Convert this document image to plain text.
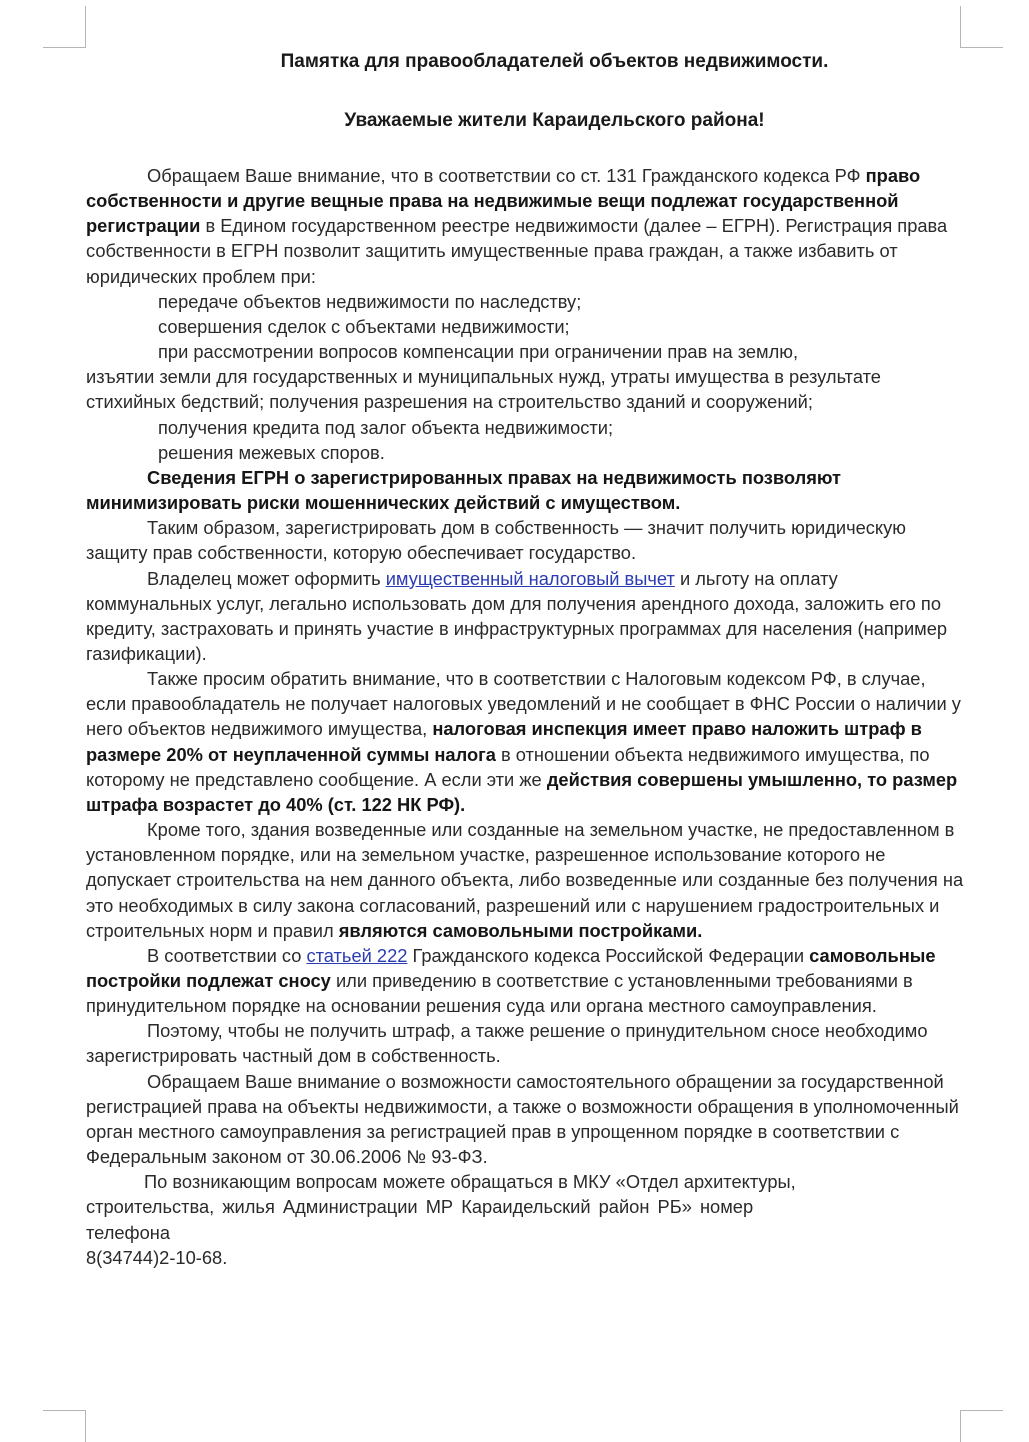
Памятка для правообладателей объектов недвижимости.
Уважаемые жители Караидельского района!

Обращаем Ваше внимание, что в соответствии со ст. 131 Гражданского кодекса РФ право собственности и другие вещные права на недвижимые вещи подлежат государственной регистрации в Едином государственном реестре недвижимости (далее – ЕГРН). Регистрация права собственности в ЕГРН позволит защитить имущественные права граждан, а также избавить от юридических проблем при:

передаче объектов недвижимости по наследству;

совершения сделок с объектами недвижимости;

при рассмотрении вопросов компенсации при ограничении прав на землю,

изъятии земли для государственных и муниципальных нужд, утраты имущества в результате стихийных бедствий; получения разрешения на строительство зданий и сооружений;

получения кредита под залог объекта недвижимости;

решения межевых споров.

Сведения ЕГРН о зарегистрированных правах на недвижимость позволяют минимизировать риски мошеннических действий с имуществом.

Таким образом, зарегистрировать дом в собственность — значит получить юридическую защиту прав собственности, которую обеспечивает государство.

Владелец может оформить имущественный налоговый вычет и льготу на оплату коммунальных услуг, легально использовать дом для получения арендного дохода, заложить его по кредиту, застраховать и принять участие в инфраструктурных программах для населения (например газификации).

Также просим обратить внимание, что в соответствии с Налоговым кодексом РФ, в случае, если правообладатель не получает налоговых уведомлений и не сообщает в ФНС России о наличии у него объектов недвижимого имущества, налоговая инспекция имеет право наложить штраф в размере 20% от неуплаченной суммы налога в отношении объекта недвижимого имущества, по которому не представлено сообщение. А если эти же действия совершены умышленно, то размер штрафа возрастет до 40% (ст. 122 НК РФ).

Кроме того, здания возведенные или созданные на земельном участке, не предоставленном в установленном порядке, или на земельном участке, разрешенное использование которого не допускает строительства на нем данного объекта, либо возведенные или созданные без получения на это необходимых в силу закона согласований, разрешений или с нарушением градостроительных и строительных норм и правил являются самовольными постройками.

В соответствии со статьей 222 Гражданского кодекса Российской Федерации самовольные постройки подлежат сносу или приведению в соответствие с установленными требованиями в принудительном порядке на основании решения суда или органа местного самоуправления.

Поэтому, чтобы не получить штраф, а также решение о принудительном сносе необходимо зарегистрировать частный дом в собственность.

Обращаем Ваше внимание о возможности самостоятельного обращении за государственной регистрацией права на объекты недвижимости, а также о возможности обращения в уполномоченный орган местного самоуправления за регистрацией прав в упрощенном порядке в соответствии с Федеральным законом от 30.06.2006 № 93-ФЗ.

По возникающим вопросам можете обращаться в МКУ «Отдел архитектуры,

строительства, жилья Администрации МР Караидельский район РБ» номер

телефона

8(34744)2-10-68.
